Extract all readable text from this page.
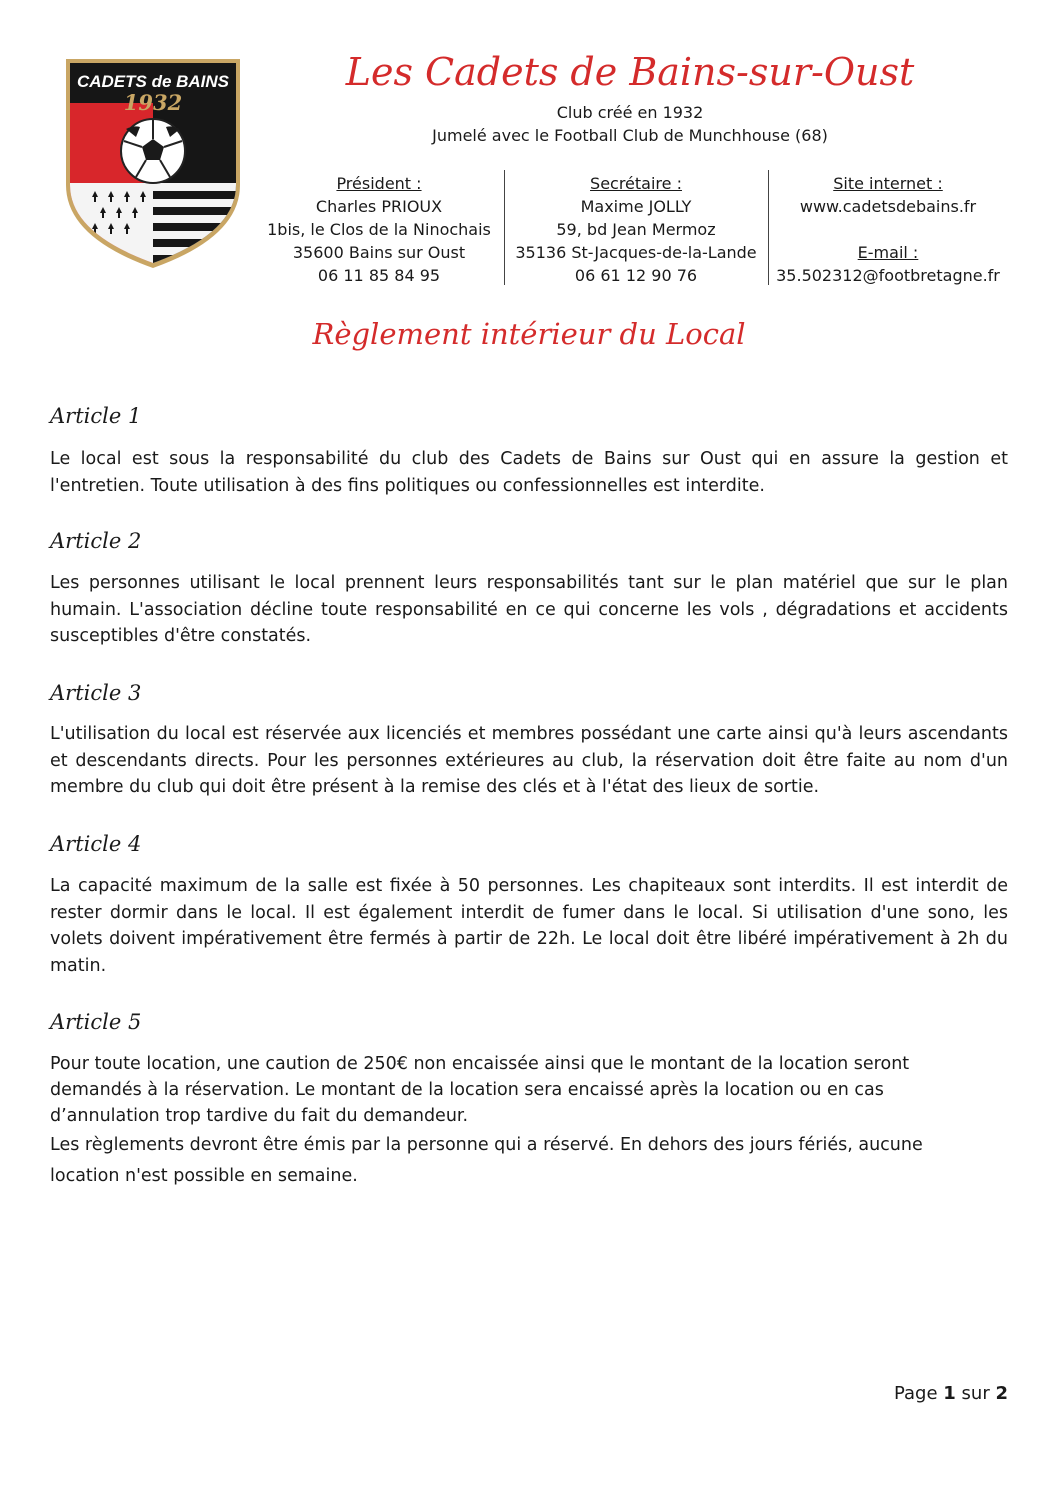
CADETS de BAINS
1932
Les Cadets de Bains-sur-Oust
Club créé en 1932
Jumelé avec le Football Club de Munchhouse (68)
Président :
Charles PRIOUX
1bis, le Clos de la Ninochais
35600 Bains sur Oust
06 11 85 84 95
Secrétaire :
Maxime JOLLY
59, bd Jean Mermoz
35136 St-Jacques-de-la-Lande
06 61 12 90 76
Site internet :
www.cadetsdebains.fr
E-mail :
35.502312@footbretagne.fr
Règlement intérieur du Local
Article 1

Le local est sous la responsabilité du club des Cadets de Bains sur Oust qui en assure la gestion et l'entretien. Toute utilisation à des fins politiques ou confessionnelles est interdite.

Article 2

Les personnes utilisant le local prennent leurs responsabilités tant sur le plan matériel que sur le plan humain. L'association décline toute responsabilité en ce qui concerne les vols , dégradations et accidents susceptibles d'être constatés.

Article 3

L'utilisation du local est réservée aux licenciés et membres possédant une carte ainsi qu'à leurs ascendants et descendants directs. Pour les personnes extérieures au club, la réservation doit être faite au nom d'un membre du club qui doit être présent à la remise des clés et à l'état des lieux de sortie.

Article 4

La capacité maximum de la salle est fixée à 50 personnes. Les chapiteaux sont interdits. Il est interdit de rester dormir dans le local. Il est également interdit de fumer dans le local. Si utilisation d'une sono, les volets doivent impérativement être fermés à partir de 22h. Le local doit être libéré impérativement à 2h du matin.

Article 5

Pour toute location, une caution de 250€ non encaissée ainsi que le montant de la location seront demandés à la réservation. Le montant de la location sera encaissé après la location ou en cas d’annulation trop tardive du fait du demandeur.

Les règlements devront être émis par la personne qui a réservé. En dehors des jours fériés, aucune location n'est possible en semaine.

Page 1 sur 2
